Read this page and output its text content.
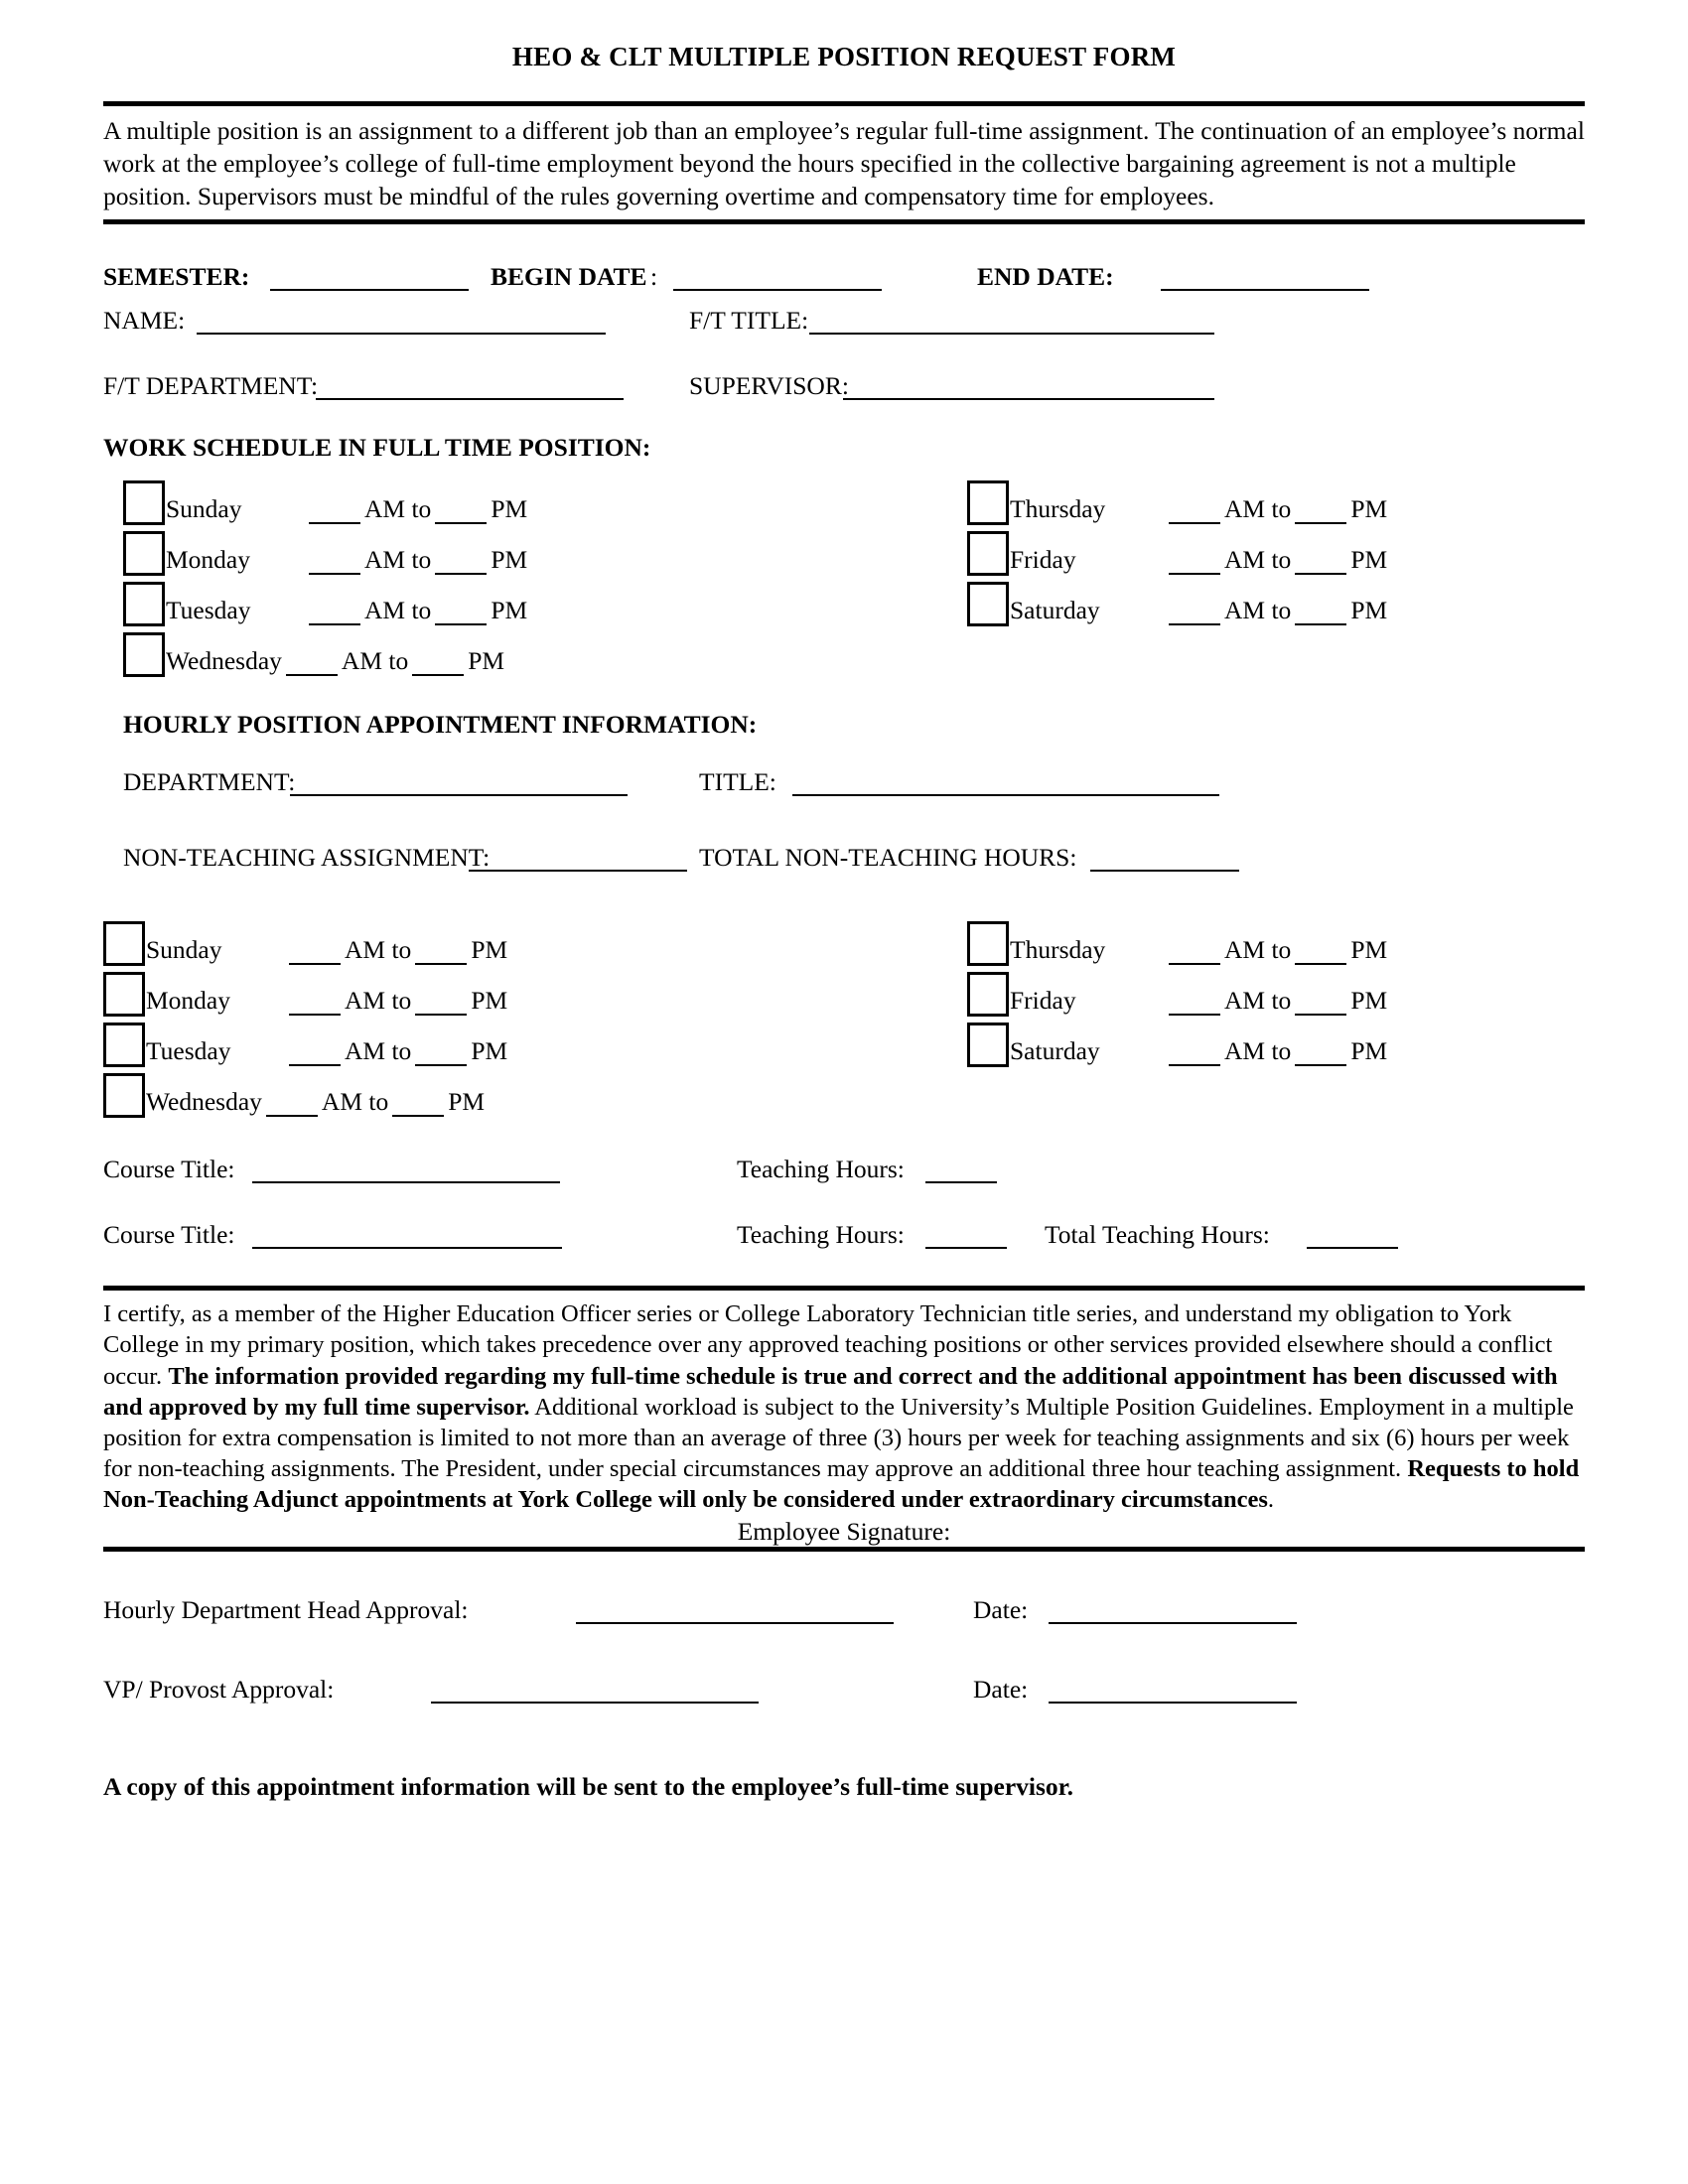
HEO & CLT MULTIPLE POSITION REQUEST FORM
A multiple position is an assignment to a different job than an employee’s regular full-time assignment. The continuation of an employee’s normal work at the employee’s college of full-time employment beyond the hours specified in the collective bargaining agreement is not a multiple position. Supervisors must be mindful of the rules governing overtime and compensatory time for employees.
SEMESTER:	BEGIN DATE :	END DATE:
NAME:	F/T TITLE:
F/T DEPARTMENT:	SUPERVISOR:
WORK SCHEDULE IN FULL TIME POSITION:
Sunday	AM to PM
Monday	AM to PM
Tuesday	AM to PM
Wednesday	AM to PM
Thursday	AM to PM
Friday	AM to PM
Saturday	AM to PM
HOURLY POSITION APPOINTMENT INFORMATION:
DEPARTMENT:	TITLE:
NON-TEACHING ASSIGNMENT:	TOTAL NON-TEACHING HOURS:
Sunday	AM to PM
Monday	AM to PM
Tuesday	AM to PM
Wednesday	AM to PM
Thursday	AM to PM
Friday	AM to PM
Saturday	AM to PM
Course Title:	Teaching Hours:
Course Title:	Teaching Hours:	Total Teaching Hours:
I certify, as a member of the Higher Education Officer series or College Laboratory Technician title series, and understand my obligation to York College in my primary position, which takes precedence over any approved teaching positions or other services provided elsewhere should a conflict occur. The information provided regarding my full-time schedule is true and correct and the additional appointment has been discussed with and approved by my full time supervisor. Additional workload is subject to the University’s Multiple Position Guidelines. Employment in a multiple position for extra compensation is limited to not more than an average of three (3) hours per week for teaching assignments and six (6) hours per week for non-teaching assignments. The President, under special circumstances may approve an additional three hour teaching assignment. Requests to hold Non-Teaching Adjunct appointments at York College will only be considered under extraordinary circumstances.
Employee Signature:
Hourly Department Head Approval:	Date:
VP/ Provost Approval:	Date:
A copy of this appointment information will be sent to the employee’s full-time supervisor.
